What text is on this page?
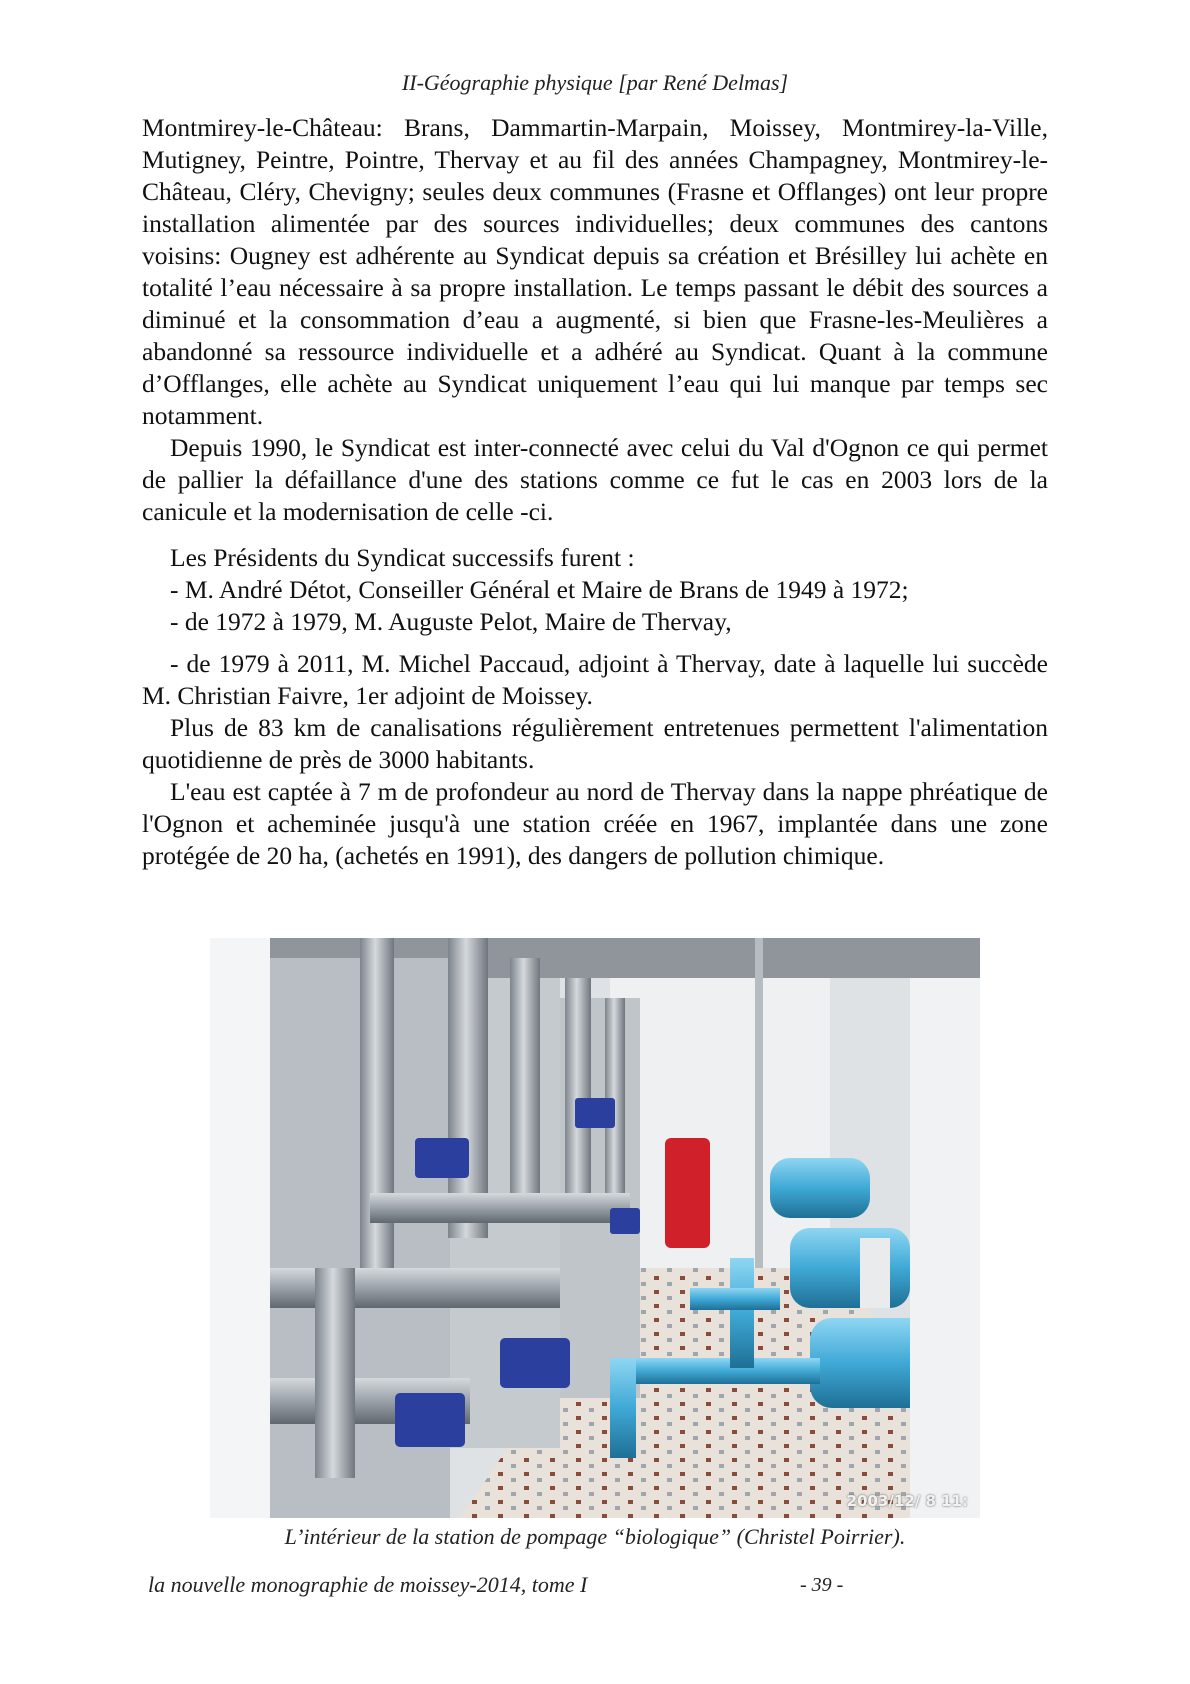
II-Géographie physique [par René Delmas]

Montmirey-le-Château: Brans, Dammartin-Marpain, Moissey, Montmirey-la-Ville, Mutigney, Peintre, Pointre, Thervay et au fil des années Champagney, Montmirey-le-Château, Cléry, Chevigny; seules deux communes (Frasne et Offlanges) ont leur propre installation alimentée par des sources individuelles; deux communes des cantons voisins: Ougney est adhérente au Syndicat depuis sa création et Brésilley lui achète en totalité l’eau nécessaire à sa propre installation. Le temps passant le débit des sources a diminué et la consommation d’eau a augmenté, si bien que Frasne-les-Meulières a abandonné sa ressource individuelle et a adhéré au Syndicat. Quant à la commune d’Offlanges, elle achète au Syndicat uniquement l’eau qui lui manque par temps sec notamment.

Depuis 1990, le Syndicat est inter-connecté avec celui du Val d'Ognon ce qui permet de pallier la défaillance d'une des stations comme ce fut le cas en 2003 lors de la canicule et la modernisation de celle -ci.

Les Présidents du Syndicat successifs furent :

- M. André Détot, Conseiller Général et Maire de Brans de 1949 à 1972;

- de 1972 à 1979, M. Auguste Pelot, Maire de Thervay,

- de 1979 à 2011, M. Michel Paccaud, adjoint à Thervay, date à laquelle lui succède M. Christian Faivre, 1er adjoint de Moissey.

Plus de 83 km de canalisations régulièrement entretenues permettent l'alimentation quotidienne de près de 3000 habitants.

L'eau est captée à 7 m de profondeur au nord de Thervay dans la nappe phréatique de l'Ognon et acheminée jusqu'à une station créée en 1967, implantée dans une zone protégée de 20 ha, (achetés en 1991), des dangers de pollution chimique.

2003/12/ 8 11:
L’intérieur de la station de pompage “biologique” (Christel Poirrier).
la nouvelle monographie de moissey-2014, tome I	- 39 -
